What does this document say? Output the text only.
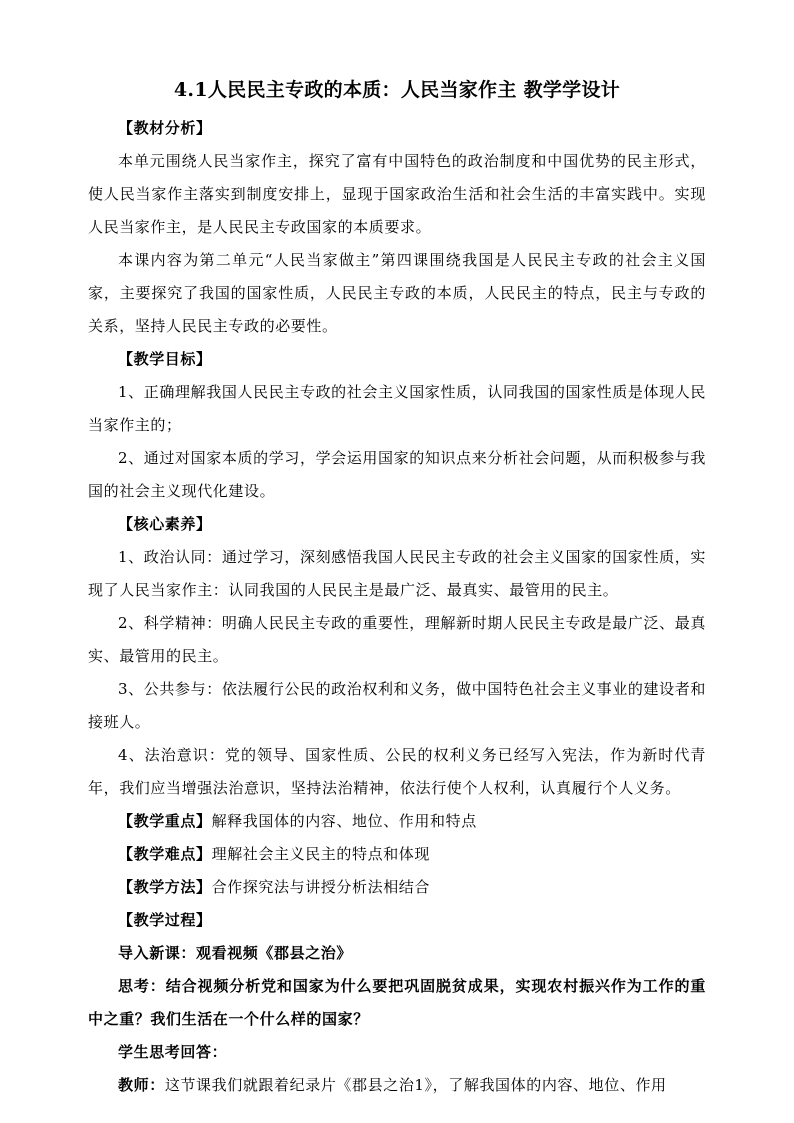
4.1人民民主专政的本质：人民当家作主 教学学设计

【教材分析】

本单元围绕人民当家作主，探究了富有中国特色的政治制度和中国优势的民主形式，使人民当家作主落实到制度安排上，显现于国家政治生活和社会生活的丰富实践中。实现人民当家作主，是人民民主专政国家的本质要求。

本课内容为第二单元“人民当家做主”第四课围绕我国是人民民主专政的社会主义国家，主要探究了我国的国家性质，人民民主专政的本质，人民民主的特点，民主与专政的关系，坚持人民民主专政的必要性。

【教学目标】

1、正确理解我国人民民主专政的社会主义国家性质，认同我国的国家性质是体现人民当家作主的；

2、通过对国家本质的学习，学会运用国家的知识点来分析社会问题，从而积极参与我国的社会主义现代化建设。

【核心素养】

1、政治认同：通过学习，深刻感悟我国人民民主专政的社会主义国家的国家性质，实现了人民当家作主：认同我国的人民民主是最广泛、最真实、最管用的民主。

2、科学精神：明确人民民主专政的重要性，理解新时期人民民主专政是最广泛、最真实、最管用的民主。

3、公共参与：依法履行公民的政治权利和义务，做中国特色社会主义事业的建设者和接班人。

4、法治意识：党的领导、国家性质、公民的权利义务已经写入宪法，作为新时代青年，我们应当增强法治意识，坚持法治精神，依法行使个人权利，认真履行个人义务。

【教学重点】解释我国体的内容、地位、作用和特点

【教学难点】理解社会主义民主的特点和体现

【教学方法】合作探究法与讲授分析法相结合

【教学过程】

导入新课：观看视频《郡县之治》

思考：结合视频分析党和国家为什么要把巩固脱贫成果，实现农村振兴作为工作的重中之重？我们生活在一个什么样的国家？

学生思考回答：

教师：这节课我们就跟着纪录片《郡县之治1》，了解我国体的内容、地位、作用
